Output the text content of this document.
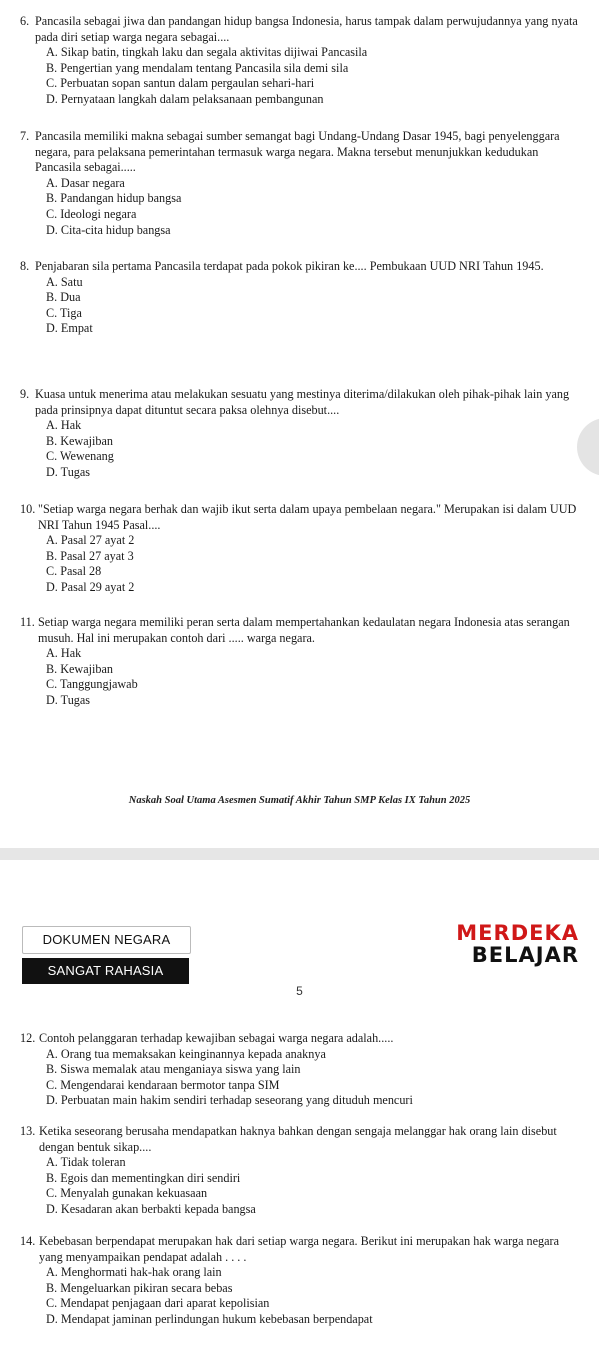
6. Pancasila sebagai jiwa dan pandangan hidup bangsa Indonesia, harus tampak dalam perwujudannya yang nyata pada diri setiap warga negara sebagai....

A. Sikap batin, tingkah laku dan segala aktivitas dijiwai Pancasila

B. Pengertian yang mendalam tentang Pancasila sila demi sila

C. Perbuatan sopan santun dalam pergaulan sehari-hari

D. Pernyataan langkah dalam pelaksanaan pembangunan

7. Pancasila memiliki makna sebagai sumber semangat bagi Undang-Undang Dasar 1945, bagi penyelenggara negara, para pelaksana pemerintahan termasuk warga negara. Makna tersebut menunjukkan kedudukan Pancasila sebagai.....

A. Dasar negara

B. Pandangan hidup bangsa

C. Ideologi negara

D. Cita-cita hidup bangsa

8. Penjabaran sila pertama Pancasila terdapat pada pokok pikiran ke.... Pembukaan UUD NRI Tahun 1945.

A. Satu

B. Dua

C. Tiga

D. Empat

9. Kuasa untuk menerima atau melakukan sesuatu yang mestinya diterima/dilakukan oleh pihak-pihak lain yang pada prinsipnya dapat dituntut secara paksa olehnya disebut....

A. Hak

B. Kewajiban

C. Wewenang

D. Tugas

10. "Setiap warga negara berhak dan wajib ikut serta dalam upaya pembelaan negara." Merupakan isi dalam UUD NRI Tahun 1945 Pasal....

A. Pasal 27 ayat 2

B. Pasal 27 ayat 3

C. Pasal 28

D. Pasal 29 ayat 2

11. Setiap warga negara memiliki peran serta dalam mempertahankan kedaulatan negara Indonesia atas serangan musuh. Hal ini merupakan contoh dari ..... warga negara.

A. Hak

B. Kewajiban

C. Tanggungjawab

D. Tugas

Naskah Soal Utama Asesmen Sumatif Akhir Tahun SMP Kelas IX Tahun 2025
DOKUMEN NEGARA
SANGAT RAHASIA
MERDEKA
BELAJAR
5

12. Contoh pelanggaran terhadap kewajiban sebagai warga negara adalah.....

A. Orang tua memaksakan keinginannya kepada anaknya

B. Siswa memalak atau menganiaya siswa yang lain

C. Mengendarai kendaraan bermotor tanpa SIM

D. Perbuatan main hakim sendiri terhadap seseorang yang dituduh mencuri

13. Ketika seseorang berusaha mendapatkan haknya bahkan dengan sengaja melanggar hak orang lain disebut dengan bentuk sikap....

A. Tidak toleran

B. Egois dan mementingkan diri sendiri

C. Menyalah gunakan kekuasaan

D. Kesadaran akan berbakti kepada bangsa

14. Kebebasan berpendapat merupakan hak dari setiap warga negara. Berikut ini merupakan hak warga negara yang menyampaikan pendapat adalah . . . .

A. Menghormati hak-hak orang lain

B. Mengeluarkan pikiran secara bebas

C. Mendapat penjagaan dari aparat kepolisian

D. Mendapat jaminan perlindungan hukum kebebasan berpendapat
